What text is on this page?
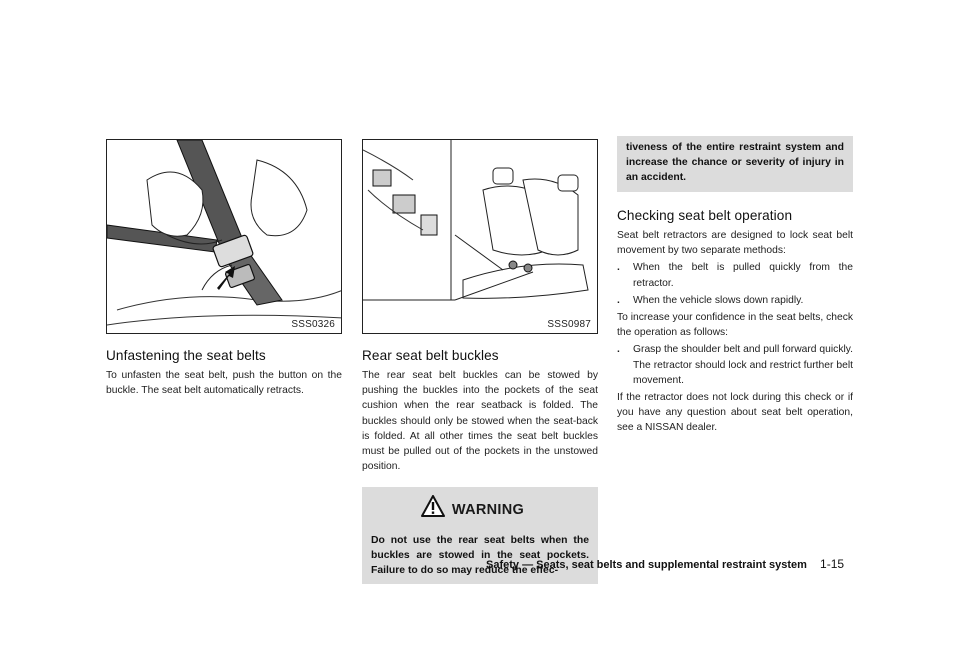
SSS0326
Unfastening the seat belts

To unfasten the seat belt, push the button on the buckle. The seat belt automatically retracts.

SSS0987
Rear seat belt buckles

The rear seat belt buckles can be stowed by pushing the buckles into the pockets of the seat cushion when the rear seatback is folded. The buckles should only be stowed when the seat-back is folded. At all other times the seat belt buckles must be pulled out of the pockets in the unstowed position.

WARNING
Do not use the rear seat belts when the buckles are stowed in the seat pockets. Failure to do so may reduce the effec-
tiveness of the entire restraint system and increase the chance or severity of injury in an accident.
Checking seat belt operation

Seat belt retractors are designed to lock seat belt movement by two separate methods:

. When the belt is pulled quickly from the retractor.
. When the vehicle slows down rapidly.

To increase your confidence in the seat belts, check the operation as follows:

. Grasp the shoulder belt and pull forward quickly. The retractor should lock and restrict further belt movement.

If the retractor does not lock during this check or if you have any question about seat belt operation, see a NISSAN dealer.

Safety — Seats, seat belts and supplemental restraint system 1-15
